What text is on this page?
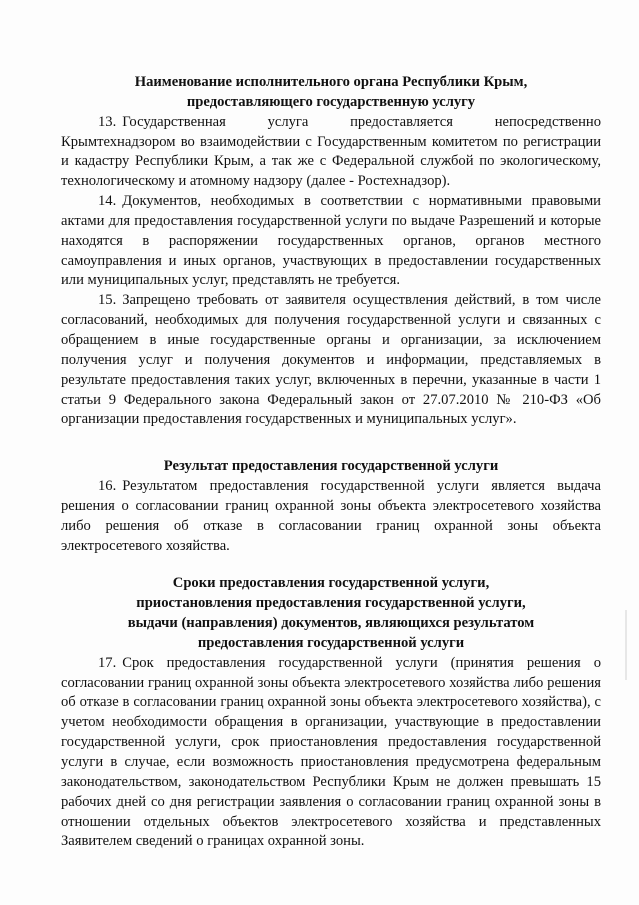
Наименование исполнительного органа Республики Крым,
предоставляющего государственную услугу

13. Государственная услуга предоставляется непосредственно
Крымтехнадзором во взаимодействии с Государственным комитетом по регистрации и кадастру Республики Крым, а так же с Федеральной службой по экологическому, технологическому и атомному надзору (далее - Ростехнадзор).

14. Документов, необходимых в соответствии с нормативными правовыми актами для предоставления государственной услуги по выдаче Разрешений и которые находятся в распоряжении государственных органов, органов местного самоуправления и иных органов, участвующих в предоставлении государственных или муниципальных услуг, представлять не требуется.

15. Запрещено требовать от заявителя осуществления действий, в том числе согласований, необходимых для получения государственной услуги и связанных с обращением в иные государственные органы и организации, за исключением получения услуг и получения документов и информации, представляемых в результате предоставления таких услуг, включенных в перечни, указанные в части 1 статьи 9 Федерального закона Федеральный закон от 27.07.2010 № 210-ФЗ «Об организации предоставления государственных и муниципальных услуг».

Результат предоставления государственной услуги

16. Результатом предоставления государственной услуги является выдача решения о согласовании границ охранной зоны объекта электросетевого хозяйства либо решения об отказе в согласовании границ охранной зоны объекта электросетевого хозяйства.

Сроки предоставления государственной услуги,
приостановления предоставления государственной услуги,
выдачи (направления) документов, являющихся результатом
предоставления государственной услуги

17. Срок предоставления государственной услуги (принятия решения о согласовании границ охранной зоны объекта электросетевого хозяйства либо решения об отказе в согласовании границ охранной зоны объекта электросетевого хозяйства), с учетом необходимости обращения в организации, участвующие в предоставлении государственной услуги, срок приостановления предоставления государственной услуги в случае, если возможность приостановления предусмотрена федеральным законодательством, законодательством Республики Крым не должен превышать 15 рабочих дней со дня регистрации заявления о согласовании границ охранной зоны в отношении отдельных объектов электросетевого хозяйства и представленных Заявителем сведений о границах охранной зоны.
